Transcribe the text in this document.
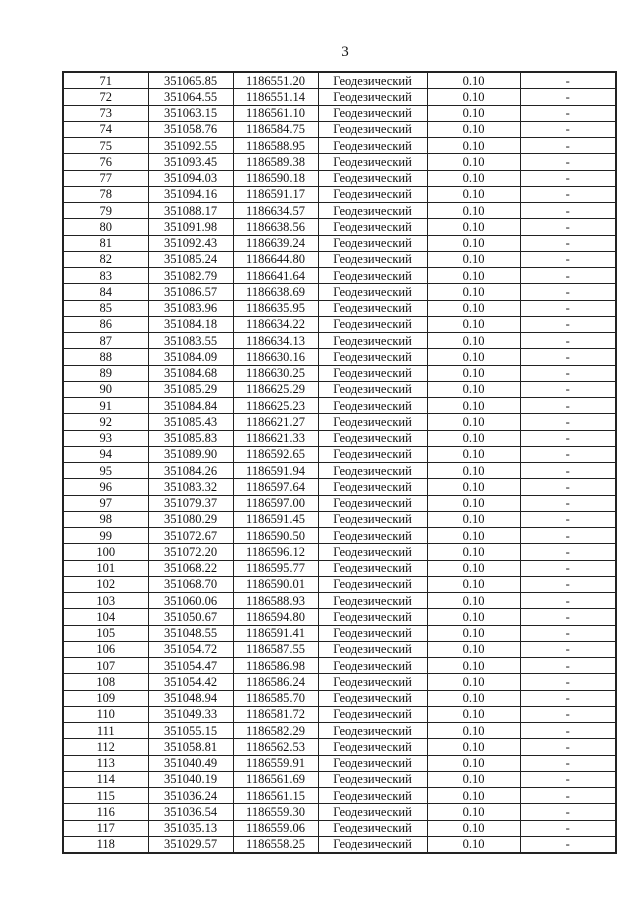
3
71	351065.85	1186551.20	Геодезический	0.10	-
72	351064.55	1186551.14	Геодезический	0.10	-
73	351063.15	1186561.10	Геодезический	0.10	-
74	351058.76	1186584.75	Геодезический	0.10	-
75	351092.55	1186588.95	Геодезический	0.10	-
76	351093.45	1186589.38	Геодезический	0.10	-
77	351094.03	1186590.18	Геодезический	0.10	-
78	351094.16	1186591.17	Геодезический	0.10	-
79	351088.17	1186634.57	Геодезический	0.10	-
80	351091.98	1186638.56	Геодезический	0.10	-
81	351092.43	1186639.24	Геодезический	0.10	-
82	351085.24	1186644.80	Геодезический	0.10	-
83	351082.79	1186641.64	Геодезический	0.10	-
84	351086.57	1186638.69	Геодезический	0.10	-
85	351083.96	1186635.95	Геодезический	0.10	-
86	351084.18	1186634.22	Геодезический	0.10	-
87	351083.55	1186634.13	Геодезический	0.10	-
88	351084.09	1186630.16	Геодезический	0.10	-
89	351084.68	1186630.25	Геодезический	0.10	-
90	351085.29	1186625.29	Геодезический	0.10	-
91	351084.84	1186625.23	Геодезический	0.10	-
92	351085.43	1186621.27	Геодезический	0.10	-
93	351085.83	1186621.33	Геодезический	0.10	-
94	351089.90	1186592.65	Геодезический	0.10	-
95	351084.26	1186591.94	Геодезический	0.10	-
96	351083.32	1186597.64	Геодезический	0.10	-
97	351079.37	1186597.00	Геодезический	0.10	-
98	351080.29	1186591.45	Геодезический	0.10	-
99	351072.67	1186590.50	Геодезический	0.10	-
100	351072.20	1186596.12	Геодезический	0.10	-
101	351068.22	1186595.77	Геодезический	0.10	-
102	351068.70	1186590.01	Геодезический	0.10	-
103	351060.06	1186588.93	Геодезический	0.10	-
104	351050.67	1186594.80	Геодезический	0.10	-
105	351048.55	1186591.41	Геодезический	0.10	-
106	351054.72	1186587.55	Геодезический	0.10	-
107	351054.47	1186586.98	Геодезический	0.10	-
108	351054.42	1186586.24	Геодезический	0.10	-
109	351048.94	1186585.70	Геодезический	0.10	-
110	351049.33	1186581.72	Геодезический	0.10	-
111	351055.15	1186582.29	Геодезический	0.10	-
112	351058.81	1186562.53	Геодезический	0.10	-
113	351040.49	1186559.91	Геодезический	0.10	-
114	351040.19	1186561.69	Геодезический	0.10	-
115	351036.24	1186561.15	Геодезический	0.10	-
116	351036.54	1186559.30	Геодезический	0.10	-
117	351035.13	1186559.06	Геодезический	0.10	-
118	351029.57	1186558.25	Геодезический	0.10	-
